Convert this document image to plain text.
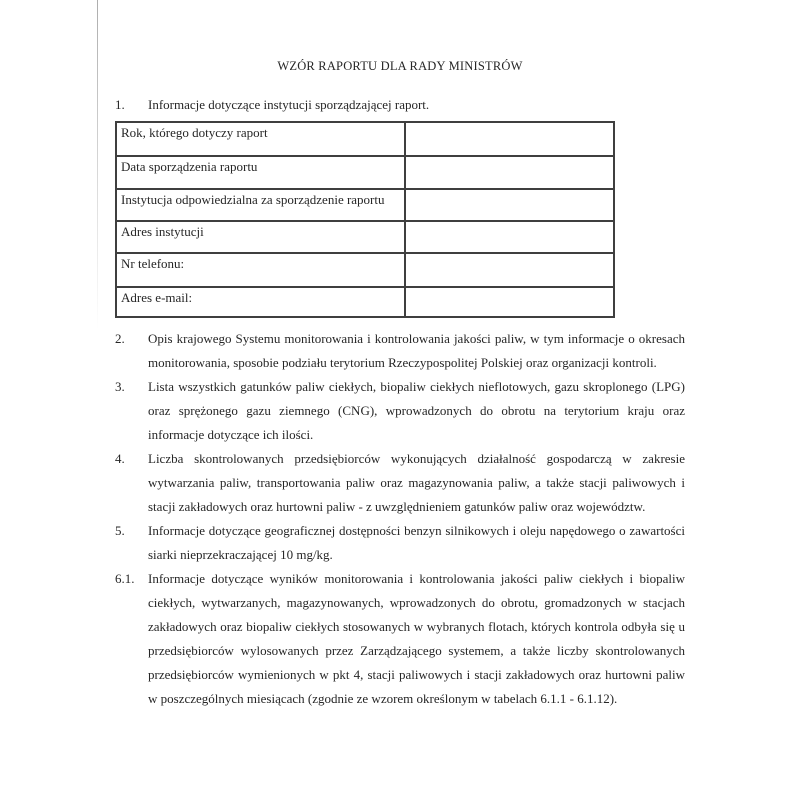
WZÓR RAPORTU DLA RADY MINISTRÓW
1. Informacje dotyczące instytucji sporządzającej raport.
Rok, którego dotyczy raport	
Data sporządzenia raportu	
Instytucja odpowiedzialna za sporządzenie raportu	
Adres instytucji	
Nr telefonu:	
Adres e-mail:	
2. Opis krajowego Systemu monitorowania i kontrolowania jakości paliw, w tym informacje o okresach monitorowania, sposobie podziału terytorium Rzeczypospolitej Polskiej oraz organizacji kontroli.
3. Lista wszystkich gatunków paliw ciekłych, biopaliw ciekłych nieflotowych, gazu skroplonego (LPG) oraz sprężonego gazu ziemnego (CNG), wprowadzonych do obrotu na terytorium kraju oraz informacje dotyczące ich ilości.
4. Liczba skontrolowanych przedsiębiorców wykonujących działalność gospodarczą w zakresie wytwarzania paliw, transportowania paliw oraz magazynowania paliw, a także stacji paliwowych i stacji zakładowych oraz hurtowni paliw - z uwzględnieniem gatunków paliw oraz województw.
5. Informacje dotyczące geograficznej dostępności benzyn silnikowych i oleju napędowego o zawartości siarki nieprzekraczającej 10 mg/kg.
6.1. Informacje dotyczące wyników monitorowania i kontrolowania jakości paliw ciekłych i biopaliw ciekłych, wytwarzanych, magazynowanych, wprowadzonych do obrotu, gromadzonych w stacjach zakładowych oraz biopaliw ciekłych stosowanych w wybranych flotach, których kontrola odbyła się u przedsiębiorców wylosowanych przez Zarządzającego systemem, a także liczby skontrolowanych przedsiębiorców wymienionych w pkt 4, stacji paliwowych i stacji zakładowych oraz hurtowni paliw w poszczególnych miesiącach (zgodnie ze wzorem określonym w tabelach 6.1.1 - 6.1.12).
